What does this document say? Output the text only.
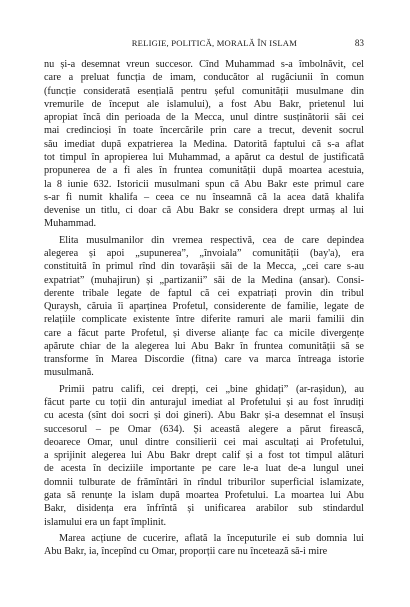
RELIGIE, POLITICĂ, MORALĂ ÎN ISLAM	83
nu și-a desemnat vreun succesor. Cînd Muhammad s-a îmbolnăvit, cel
care a preluat funcția de imam, conducător al rugăciunii în comun
(funcție considerată esențială pentru șeful comunității musulmane din
vremurile de început ale islamului), a fost Abu Bakr, prietenul lui
apropiat încă din perioada de la Mecca, unul dintre susținătorii săi cei
mai credincioși în toate încercările prin care a trecut, devenit socrul
său imediat după expatrierea la Medina. Datorită faptului că s-a aflat
tot timpul în apropierea lui Muhammad, a apărut ca destul de justificată
propunerea de a fi ales în fruntea comunității după moartea acestuia,
la 8 iunie 632. Istoricii musulmani spun că Abu Bakr este primul care
s-ar fi numit khalifa – ceea ce nu înseamnă că la acea dată khalifa
devenise un titlu, ci doar că Abu Bakr se considera drept urmaș al lui
Muhammad.
Elita musulmanilor din vremea respectivă, cea de care depindea
alegerea și apoi „supunerea”, „învoiala” comunității (bay'a), era
constituită în primul rînd din tovarășii săi de la Mecca, „cei care s-au
expatriat” (muhajirun) și „partizanii” săi de la Medina (ansar). Consi-
derente tribale legate de faptul că cei expatriați provin din tribul
Quraysh, căruia îi aparținea Profetul, considerente de familie, legate de
relațiile complicate existente între diferite ramuri ale marii familii din
care a făcut parte Profetul, și diverse alianțe fac ca micile divergențe
apărute chiar de la alegerea lui Abu Bakr în fruntea comunității să se
transforme în Marea Discordie (fitna) care va marca întreaga istorie
musulmană.
Primii patru califi, cei drepți, cei „bine ghidați” (ar-rașidun), au
făcut parte cu toții din anturajul imediat al Profetului și au fost înrudiți
cu acesta (sînt doi socri și doi gineri). Abu Bakr și-a desemnat el însuși
succesorul – pe Omar (634). Și această alegere a părut firească,
deoarece Omar, unul dintre consilierii cei mai ascultați ai Profetului,
a sprijinit alegerea lui Abu Bakr drept calif și a fost tot timpul alături
de acesta în deciziile importante pe care le-a luat de-a lungul unei
domnii tulburate de frămîntări în rîndul triburilor superficial islamizate,
gata să renunțe la islam după moartea Profetului. La moartea lui Abu
Bakr, disidența era înfrîntă și unificarea arabilor sub stindardul
islamului era un fapt împlinit.
Marea acțiune de cucerire, aflată la începuturile ei sub domnia lui
Abu Bakr, ia, începînd cu Omar, proporții care nu încetează să-i mire
